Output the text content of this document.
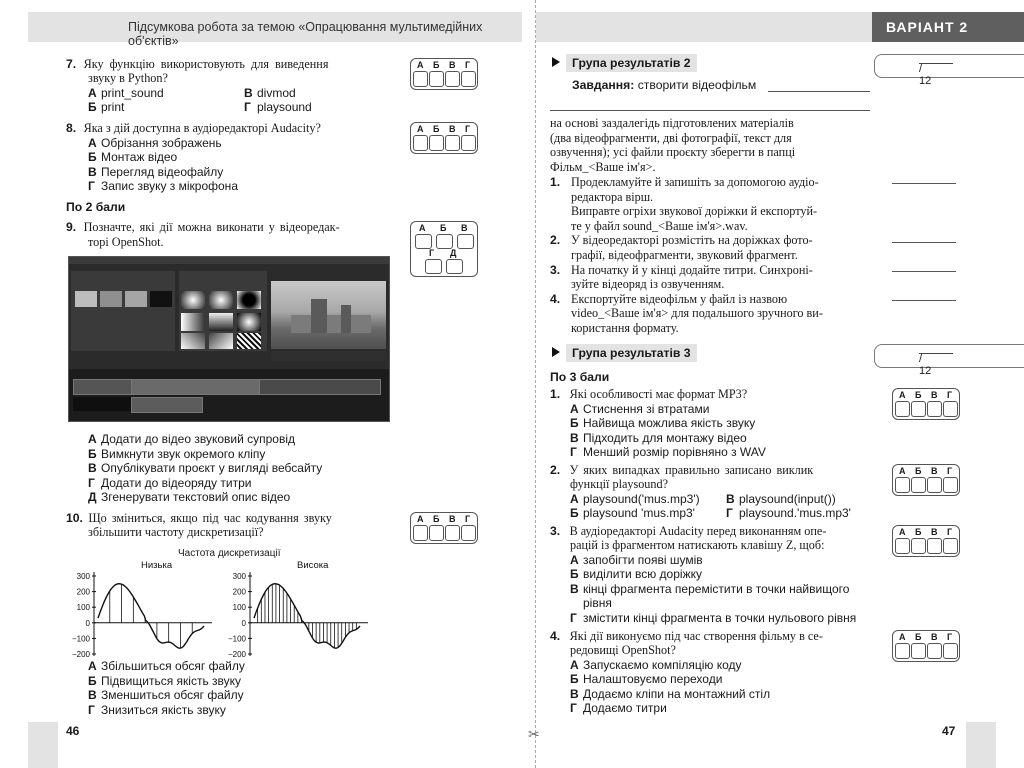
Підсумкова робота за темою «Опрацювання мультимедійних об'єктів»
ВАРІАНТ 2
✂
7. Яку функцію використовують для виведення
звуку в Python?
А print_sound
Б print
В divmod
Г playsound
8. Яка з дій доступна в аудіоредакторі Audacity?
А Обрізання зображень
Б Монтаж відео
В Перегляд відеофайлу
Г Запис звуку з мікрофона
По 2 бали
9. Позначте, які дії можна виконати у відеоредак-
торі OpenShot.
А Додати до відео звуковий супровід
Б Вимкнути звук окремого кліпу
В Опублікувати проєкт у вигляді вебсайту
Г Додати до відеоряду титри
Д Згенерувати текстовий опис відео
10. Що зміниться, якщо під час кодування звуку
збільшити частоту дискретизації?
Частота дискретизації
Низька
300
200
100
0
−100
−200
Висока
300
200
100
0
−100
−200
А Збільшиться обсяг файлу
Б Підвищиться якість звуку
В Зменшиться обсяг файлу
Г Знизиться якість звуку
46
А Б В Г
А Б В Г
А Б В
Г Д
А Б В Г
Група результатів 2	/ 12
Завдання: створити відеофільм
на основі заздалегідь підготовлених матеріалів
(два відеофрагменти, дві фотографії, текст для
озвучення); усі файли проєкту зберегти в папці
Фільм_<Ваше ім'я>.
1. Продекламуйте й запишіть за допомогою аудіо-
редактора вірш.
Виправте огріхи звукової доріжки й експортуй-
те у файл sound_<Ваше ім'я>.wav.
2. У відеоредакторі розмістіть на доріжках фото-
графії, відеофрагменти, звуковий фрагмент.
3. На початку й у кінці додайте титри. Синхроні-
зуйте відеоряд із озвученням.
4. Експортуйте відеофільм у файл із назвою
video_<Ваше ім'я> для подальшого зручного ви-
користання формату.
Група результатів 3	/ 12
По 3 бали
1. Які особливості має формат MP3?
А Стиснення зі втратами
Б Найвища можлива якість звуку
В Підходить для монтажу відео
Г Менший розмір порівняно з WAV
2. У яких випадках правильно записано виклик
функції playsound?
А playsound('mus.mp3')
Б playsound 'mus.mp3'
В playsound(input())
Г playsound.'mus.mp3'
3. В аудіоредакторі Audacity перед виконанням опе-
рацій із фрагментом натискають клавішу Z, щоб:
А запобігти появі шумів
Б виділити всю доріжку
В кінці фрагмента перемістити в точки найвищого
рівня
Г змістити кінці фрагмента в точки нульового рівня
4. Які дії виконуємо під час створення фільму в се-
редовищі OpenShot?
А Запускаємо компіляцію коду
Б Налаштовуємо переходи
В Додаємо кліпи на монтажний стіл
Г Додаємо титри
А Б В Г
А Б В Г
А Б В Г
А Б В Г
47
